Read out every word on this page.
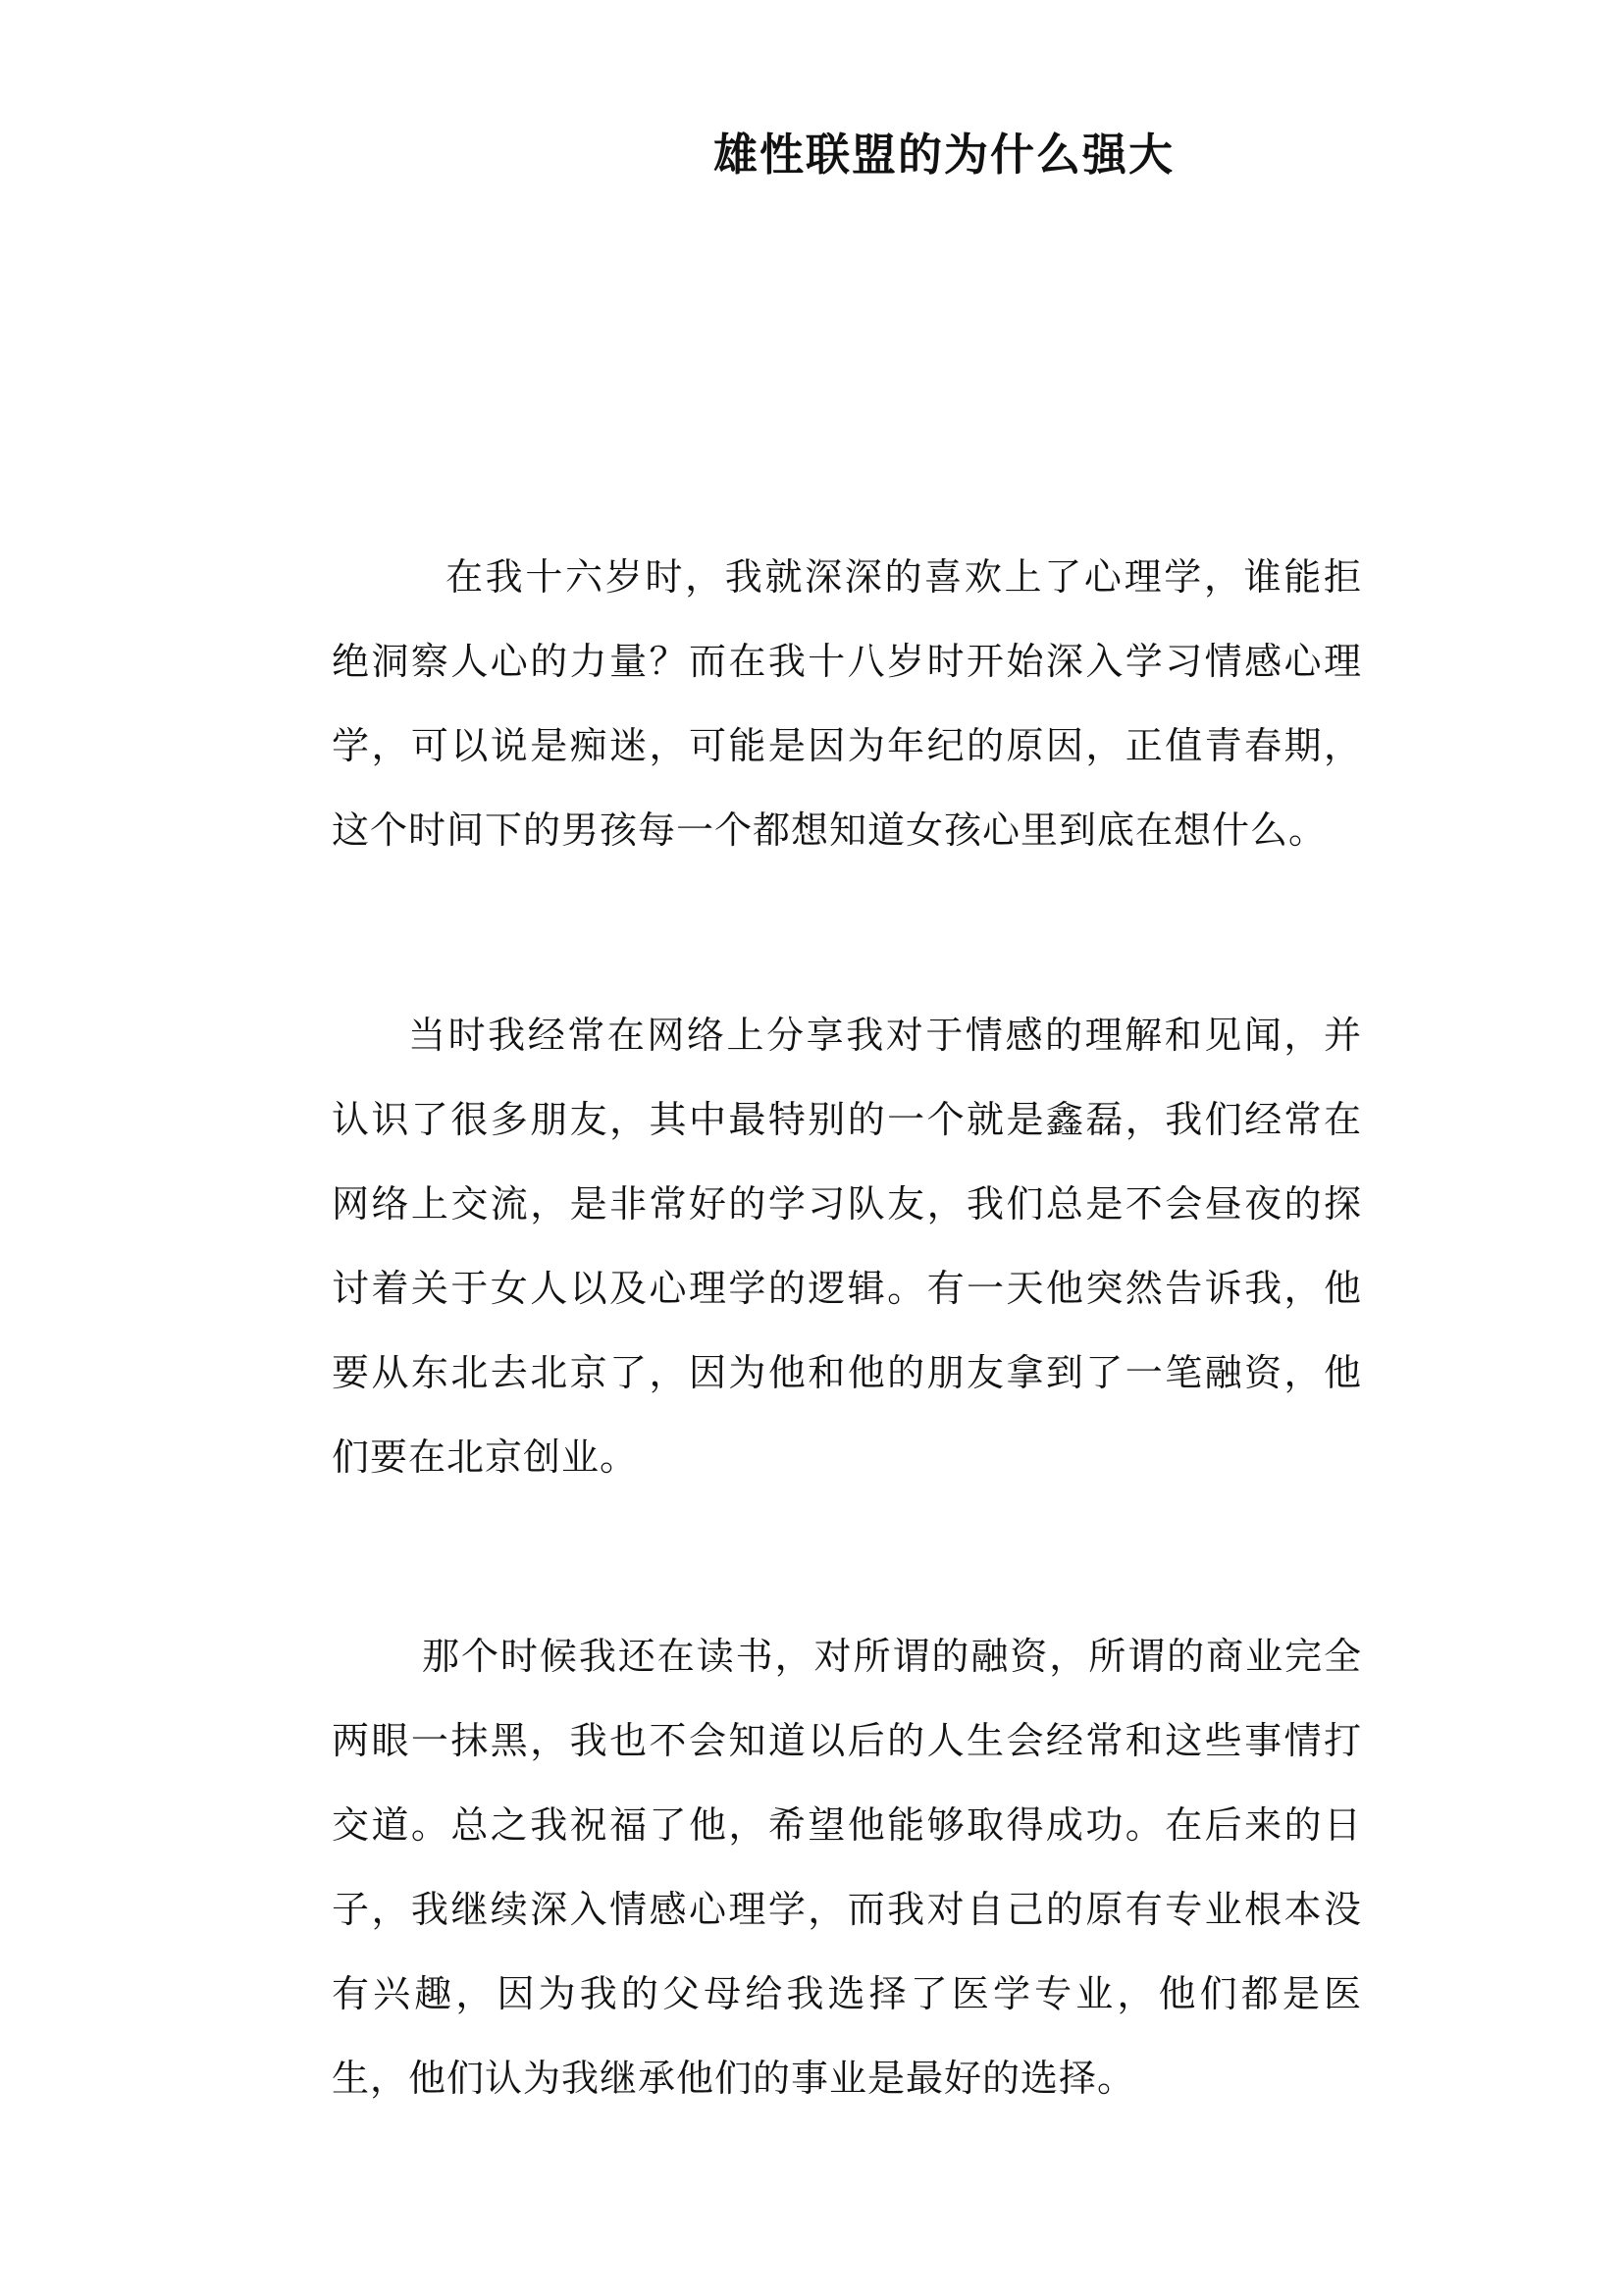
雄性联盟的为什么强大

在我十六岁时，我就深深的喜欢上了心理学，谁能拒绝洞察人心的力量？而在我十八岁时开始深入学习情感心理学，可以说是痴迷，可能是因为年纪的原因，正值青春期，这个时间下的男孩每一个都想知道女孩心里到底在想什么。

当时我经常在网络上分享我对于情感的理解和见闻，并认识了很多朋友，其中最特别的一个就是鑫磊，我们经常在网络上交流，是非常好的学习队友，我们总是不会昼夜的探讨着关于女人以及心理学的逻辑。有一天他突然告诉我，他要从东北去北京了，因为他和他的朋友拿到了一笔融资，他们要在北京创业。

那个时候我还在读书，对所谓的融资，所谓的商业完全两眼一抹黑，我也不会知道以后的人生会经常和这些事情打交道。总之我祝福了他，希望他能够取得成功。在后来的日子，我继续深入情感心理学，而我对自己的原有专业根本没有兴趣，因为我的父母给我选择了医学专业，他们都是医生，他们认为我继承他们的事业是最好的选择。
